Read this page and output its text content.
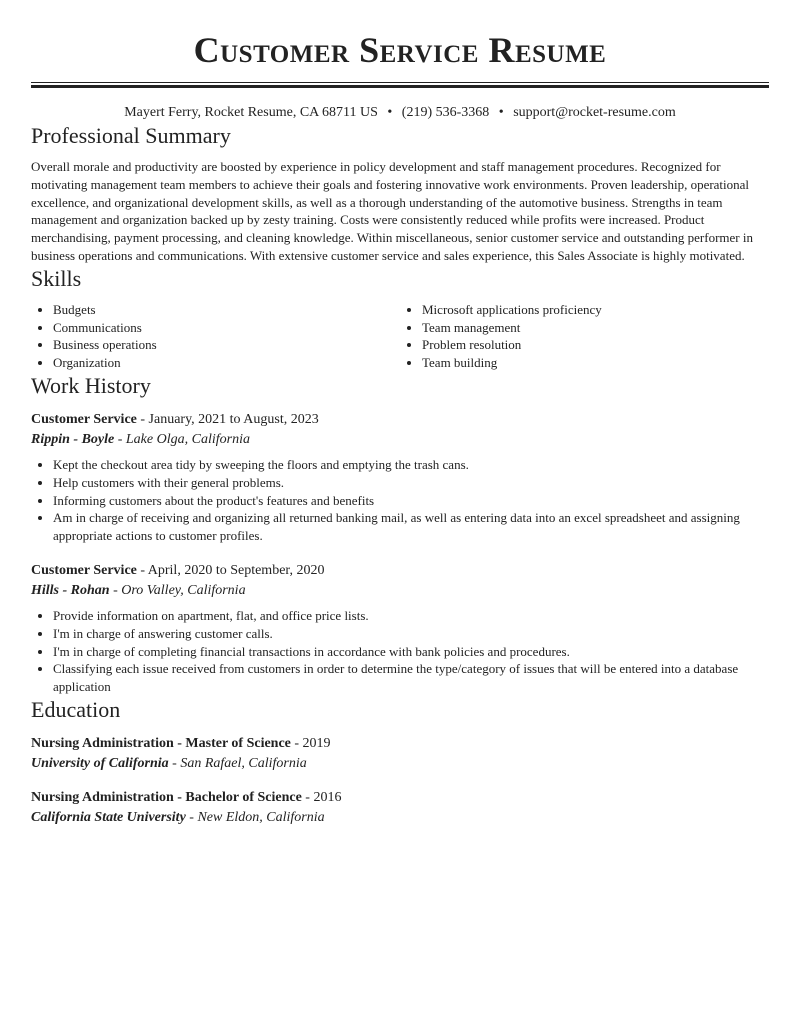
Customer Service Resume
Mayert Ferry, Rocket Resume, CA 68711 US • (219) 536-3368 • support@rocket-resume.com
Professional Summary

Overall morale and productivity are boosted by experience in policy development and staff management procedures. Recognized for motivating management team members to achieve their goals and fostering innovative work environments. Proven leadership, operational excellence, and organizational development skills, as well as a thorough understanding of the automotive business. Strengths in team management and organization backed up by zesty training. Costs were consistently reduced while profits were increased. Product merchandising, payment processing, and cleaning knowledge. Within miscellaneous, senior customer service and outstanding performer in business operations and communications. With extensive customer service and sales experience, this Sales Associate is highly motivated.

Skills
• Budgets
• Communications
• Business operations
• Organization
• Microsoft applications proficiency
• Team management
• Problem resolution
• Team building
Work History
Customer Service - January, 2021 to August, 2023
Rippin - Boyle - Lake Olga, California
• Kept the checkout area tidy by sweeping the floors and emptying the trash cans.
• Help customers with their general problems.
• Informing customers about the product's features and benefits
• Am in charge of receiving and organizing all returned banking mail, as well as entering data into an excel spreadsheet and assigning appropriate actions to customer profiles.
Customer Service - April, 2020 to September, 2020
Hills - Rohan - Oro Valley, California
• Provide information on apartment, flat, and office price lists.
• I'm in charge of answering customer calls.
• I'm in charge of completing financial transactions in accordance with bank policies and procedures.
• Classifying each issue received from customers in order to determine the type/category of issues that will be entered into a database application
Education
Nursing Administration - Master of Science - 2019
University of California - San Rafael, California
Nursing Administration - Bachelor of Science - 2016
California State University - New Eldon, California
